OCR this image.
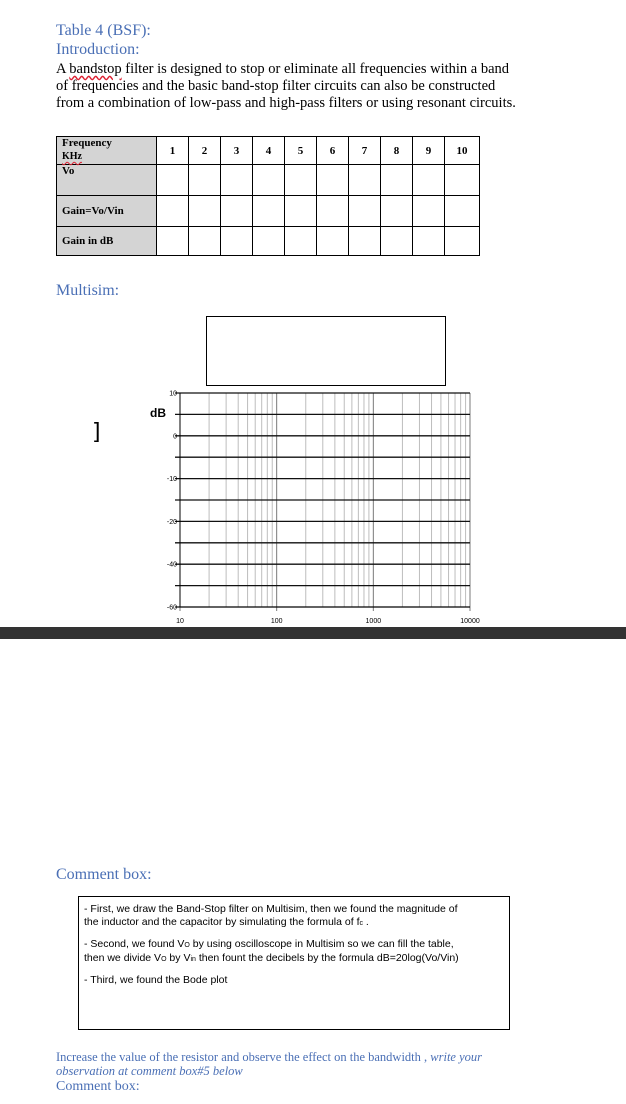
Table 4 (BSF):
Introduction:
A bandstop filter is designed to stop or eliminate all frequencies within a band
of frequencies and the basic band-stop filter circuits can also be constructed
from a combination of low-pass and high-pass filters or using resonant circuits.
Frequency
KHz	1	2	3	4	5	6	7	8	9	10
Vo										
Gain=Vo/Vin										
Gain in dB										
Multisim:
]
dB
10
0
-10
-20
-40
-60
10	100	1000	10000
Comment box:
- First, we draw the Band-Stop filter on Multisim, then we found the magnitude of
the inductor and the capacitor by simulating the formula of fc .
- Second, we found VO by using oscilloscope in Multisim so we can fill the table,
then we divide VO by Vin then fount the decibels by the formula dB=20log(Vo/Vin)
- Third, we found the Bode plot
Increase the value of the resistor and observe the effect on the bandwidth , write your
observation at comment box#5 below
Comment box:
